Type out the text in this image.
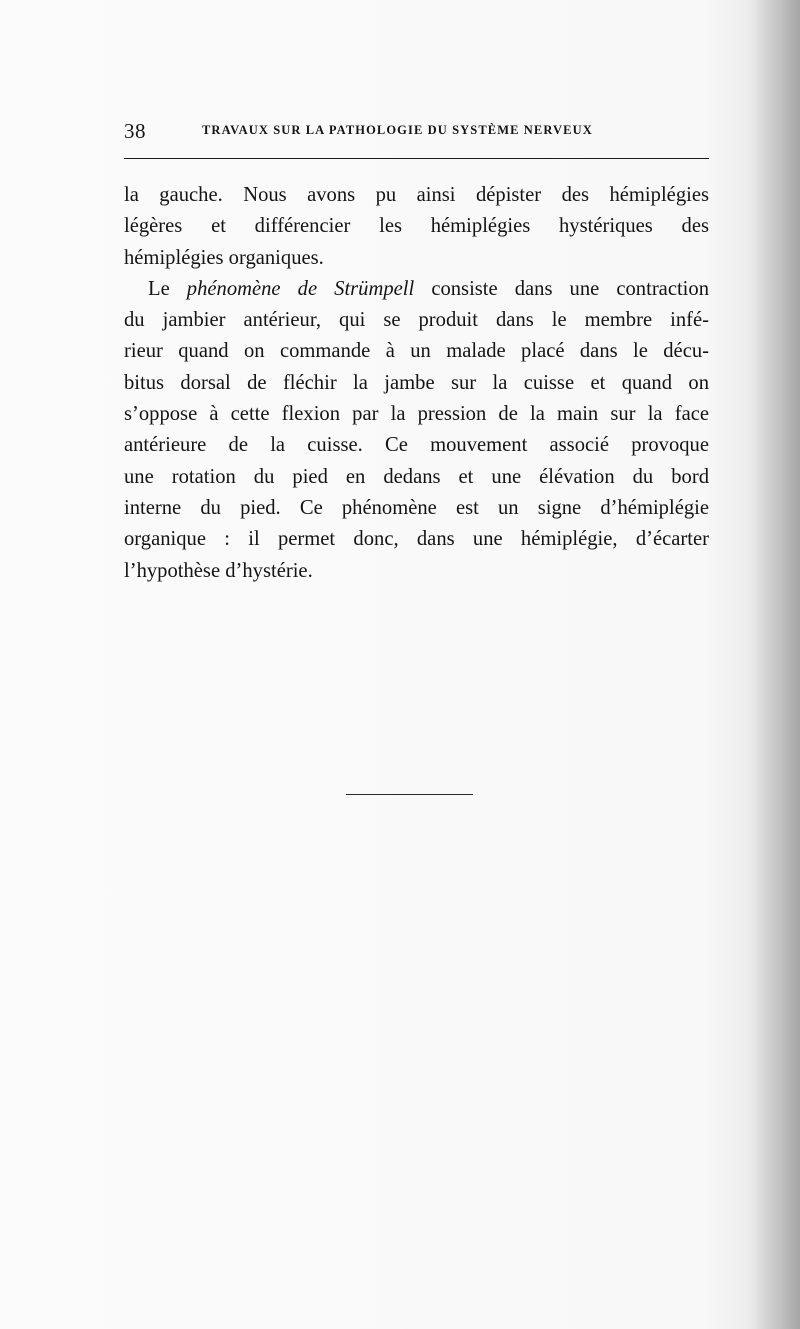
38	TRAVAUX SUR LA PATHOLOGIE DU SYSTÈME NERVEUX
la gauche. Nous avons pu ainsi dépister des hémiplégies
légères et différencier les hémiplégies hystériques des
hémiplégies organiques.
Le phénomène de Strümpell consiste dans une contraction
du jambier antérieur, qui se produit dans le membre infé-
rieur quand on commande à un malade placé dans le décu-
bitus dorsal de fléchir la jambe sur la cuisse et quand on
s’oppose à cette flexion par la pression de la main sur la face
antérieure de la cuisse. Ce mouvement associé provoque
une rotation du pied en dedans et une élévation du bord
interne du pied. Ce phénomène est un signe d’hémiplégie
organique : il permet donc, dans une hémiplégie, d’écarter
l’hypothèse d’hystérie.
